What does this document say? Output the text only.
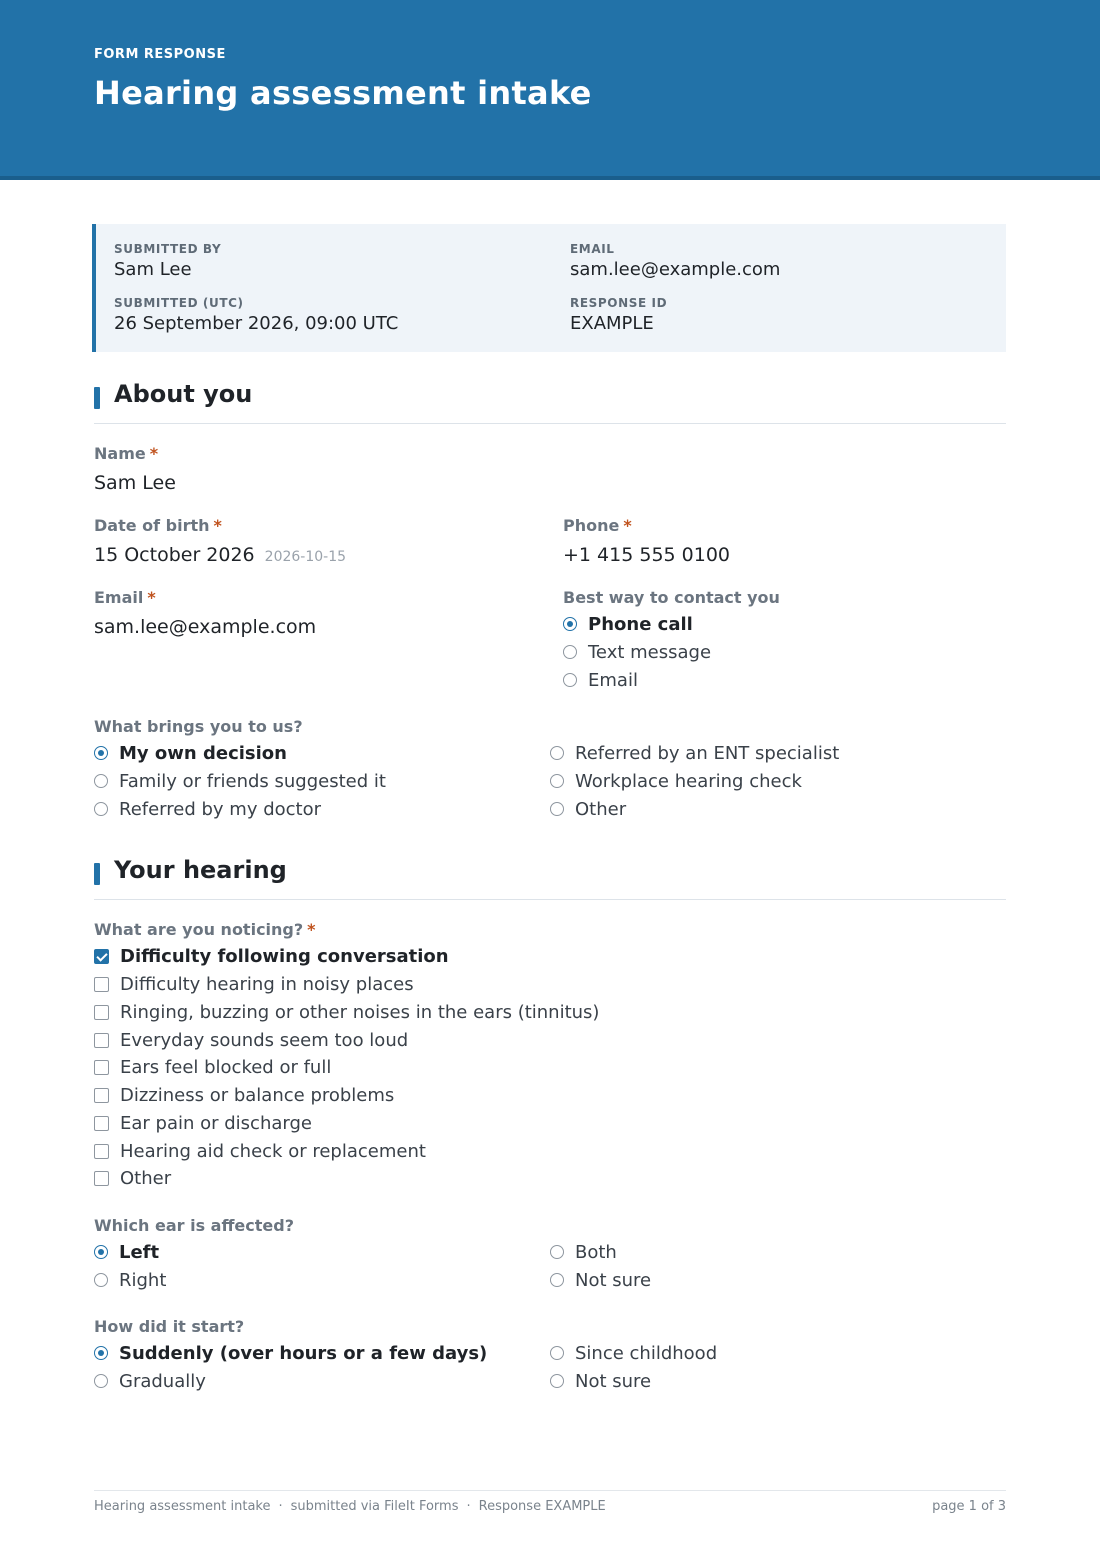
FORM RESPONSE
Hearing assessment intake
SUBMITTED BY
Sam Lee
EMAIL
sam.lee@example.com
SUBMITTED (UTC)
26 September 2026, 09:00 UTC
RESPONSE ID
EXAMPLE
About you
Name *
Sam Lee
Date of birth *
15 October 2026 2026-10-15
Phone *
+1 415 555 0100
Email *
sam.lee@example.com
Best way to contact you
Phone call
Text message
Email
What brings you to us?
My own decision
Family or friends suggested it
Referred by my doctor
Referred by an ENT specialist
Workplace hearing check
Other
Your hearing
What are you noticing? *
Difficulty following conversation
Difficulty hearing in noisy places
Ringing, buzzing or other noises in the ears (tinnitus)
Everyday sounds seem too loud
Ears feel blocked or full
Dizziness or balance problems
Ear pain or discharge
Hearing aid check or replacement
Other
Which ear is affected?
Left
Right
Both
Not sure
How did it start?
Suddenly (over hours or a few days)
Gradually
Since childhood
Not sure
Hearing assessment intake · submitted via FileIt Forms · Response EXAMPLE	page 1 of 3
